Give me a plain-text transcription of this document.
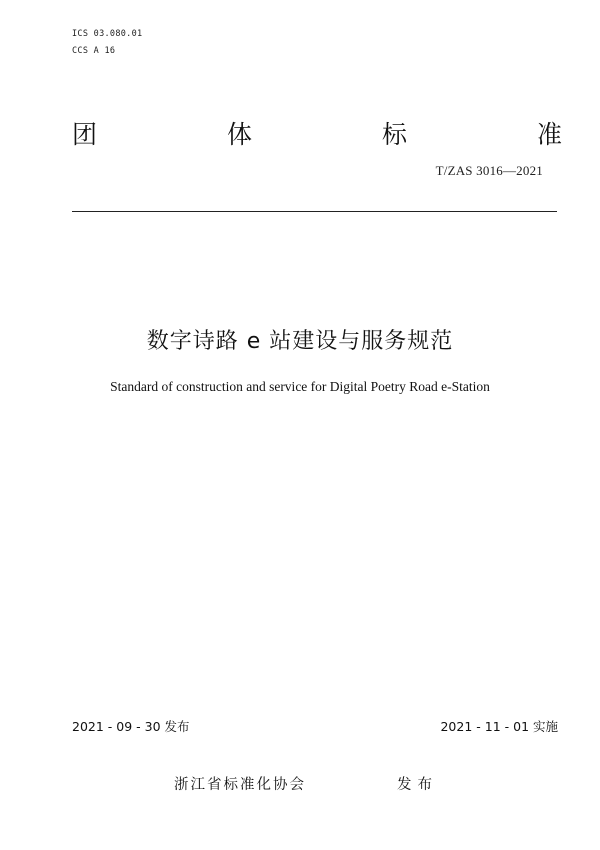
ICS 03.080.01
CCS A 16
团	体	标	准
T/ZAS 3016—2021
数字诗路 e 站建设与服务规范
Standard of construction and service for Digital Poetry Road e-Station
2021 - 09 - 30 发布	2021 - 11 - 01 实施
浙江省标准化协会	发布
